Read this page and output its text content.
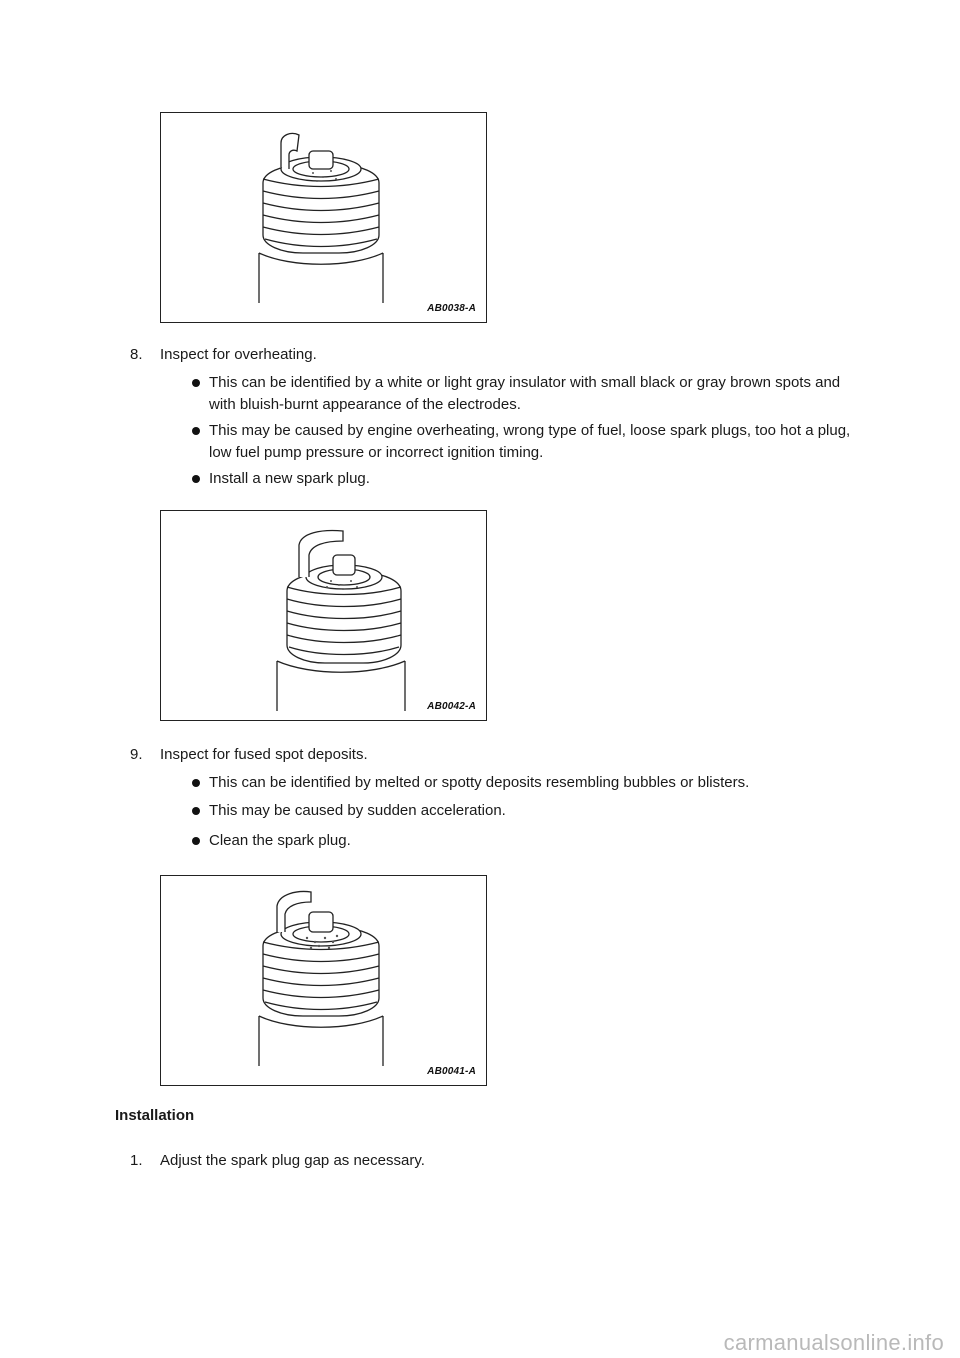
AB0038-A
8. Inspect for overheating.
This can be identified by a white or light gray insulator with small black or gray brown spots and with bluish-burnt appearance of the electrodes.
This may be caused by engine overheating, wrong type of fuel, loose spark plugs, too hot a plug, low fuel pump pressure or incorrect ignition timing.
Install a new spark plug.
AB0042-A
9. Inspect for fused spot deposits.
This can be identified by melted or spotty deposits resembling bubbles or blisters.
This may be caused by sudden acceleration.
Clean the spark plug.
AB0041-A
Installation
1. Adjust the spark plug gap as necessary.
carmanualsonline.info
